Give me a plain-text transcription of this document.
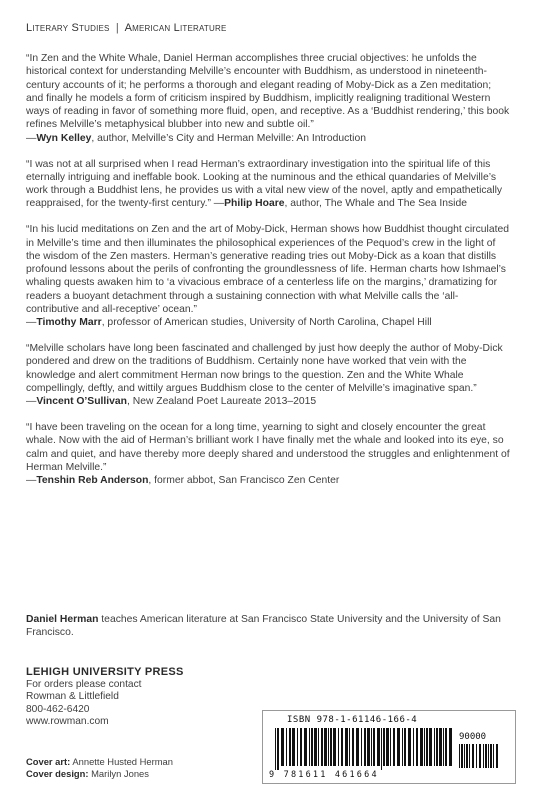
Literary Studies | American Literature
“In Zen and the White Whale, Daniel Herman accomplishes three crucial objectives: he unfolds the historical context for understanding Melville’s encounter with Buddhism, as understood in nineteenth-century accounts of it; he performs a thorough and elegant reading of Moby-Dick as a Zen meditation; and finally he models a form of criticism inspired by Buddhism, implicitly realigning traditional Western ways of reading in favor of something more fluid, open, and receptive. As a ‘Buddhist rendering,’ this book refines Melville’s metaphysical blubber into new and subtle oil.”
—Wyn Kelley, author, Melville’s City and Herman Melville: An Introduction
“I was not at all surprised when I read Herman’s extraordinary investigation into the spiritual life of this eternally intriguing and ineffable book. Looking at the numinous and the ethical quandaries of Melville’s work through a Buddhist lens, he provides us with a vital new view of the novel, aptly and empathetically reappraised, for the twenty-first century.” —Philip Hoare, author, The Whale and The Sea Inside
“In his lucid meditations on Zen and the art of Moby-Dick, Herman shows how Buddhist thought circulated in Melville’s time and then illuminates the philosophical experiences of the Pequod’s crew in the light of the wisdom of the Zen masters. Herman’s generative reading tries out Moby-Dick as a koan that distills profound lessons about the perils of confronting the groundlessness of life. Herman charts how Ishmael’s whaling quests awaken him to ‘a vivacious embrace of a centerless life on the margins,’ dramatizing for readers a buoyant detachment through a sustaining connection with what Melville calls the ‘all-contributive and all-receptive’ ocean.”
—Timothy Marr, professor of American studies, University of North Carolina, Chapel Hill
“Melville scholars have long been fascinated and challenged by just how deeply the author of Moby-Dick pondered and drew on the traditions of Buddhism. Certainly none have worked that vein with the knowledge and alert commitment Herman now brings to the question. Zen and the White Whale compellingly, deftly, and wittily argues Buddhism close to the center of Melville’s imaginative span.”
—Vincent O’Sullivan, New Zealand Poet Laureate 2013–2015
“I have been traveling on the ocean for a long time, yearning to sight and closely encounter the great whale. Now with the aid of Herman’s brilliant work I have finally met the whale and looked into its eye, so calm and quiet, and have thereby more deeply shared and understood the struggles and enlightenment of Herman Melville.”
—Tenshin Reb Anderson, former abbot, San Francisco Zen Center
Daniel Herman teaches American literature at San Francisco State University and the University of San Francisco.
LEHIGH UNIVERSITY PRESS
For orders please contact
Rowman & Littlefield
800-462-6420
www.rowman.com
Cover art: Annette Husted Herman
Cover design: Marilyn Jones
ISBN 978-1-61146-166-4
90000
9 781611 461664
